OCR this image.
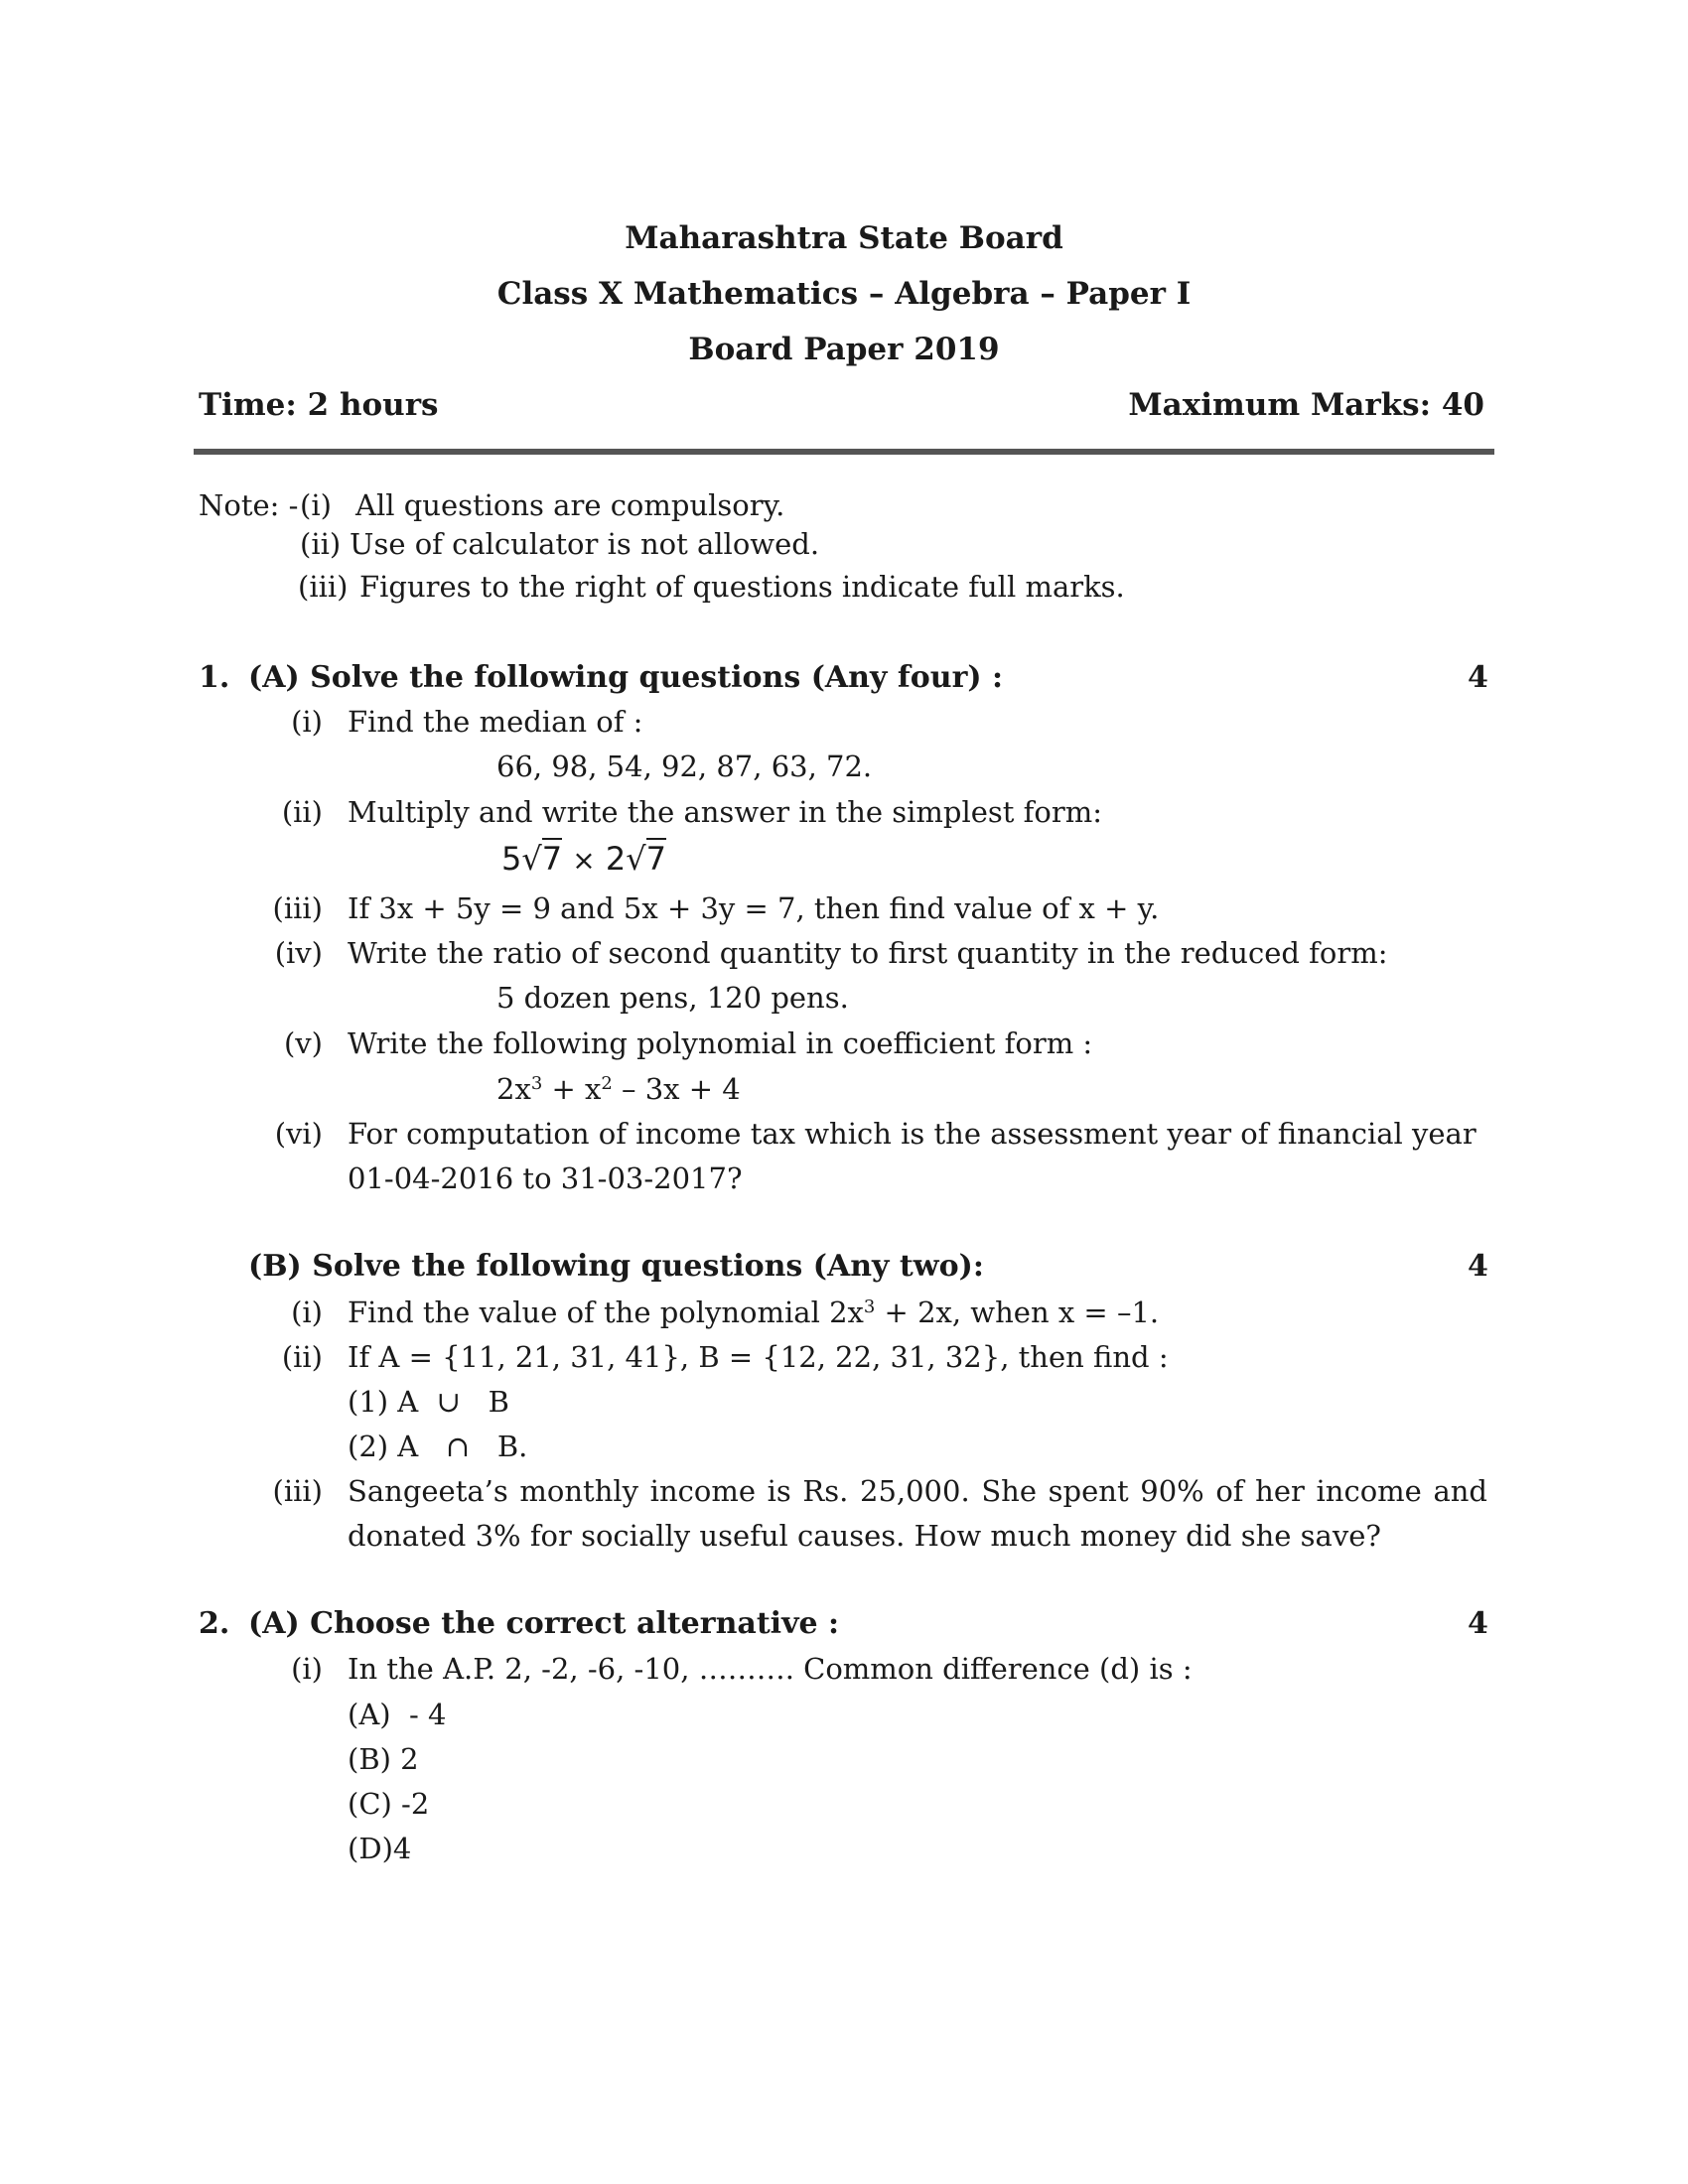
Maharashtra State Board
Class X Mathematics – Algebra – Paper I
Board Paper 2019
Time: 2 hours	Maximum Marks: 40
Note: - (i) All questions are compulsory.
(ii) Use of calculator is not allowed.
(iii) Figures to the right of questions indicate full marks.
1. (A) Solve the following questions (Any four) :	4
(i) Find the median of :
66, 98, 54, 92, 87, 63, 72.
(ii) Multiply and write the answer in the simplest form:
5√7 × 2√7
(iii) If 3x + 5y = 9 and 5x + 3y = 7, then find value of x + y.
(iv) Write the ratio of second quantity to first quantity in the reduced form:
5 dozen pens, 120 pens.
(v) Write the following polynomial in coefficient form :
$2x^3 + x^2 - 3x + 4$
(vi) For computation of income tax which is the assessment year of financial year
01-04-2016 to 31-03-2017?
(B) Solve the following questions (Any two):	4
(i) Find the value of the polynomial $2x^3 + 2x$, when x = –1.
(ii) If A = {11, 21, 31, 41}, B = {12, 22, 31, 32}, then find :
(1) A  ∪   B
(2) A   ∩   B.
(iii) Sangeeta’s monthly income is Rs. 25,000. She spent 90% of her income and
donated 3% for socially useful causes. How much money did she save?
2. (A) Choose the correct alternative :	4
(i) In the A.P. 2, -2, -6, -10, ………. Common difference (d) is :
(A)  - 4
(B) 2
(C) -2
(D)4
